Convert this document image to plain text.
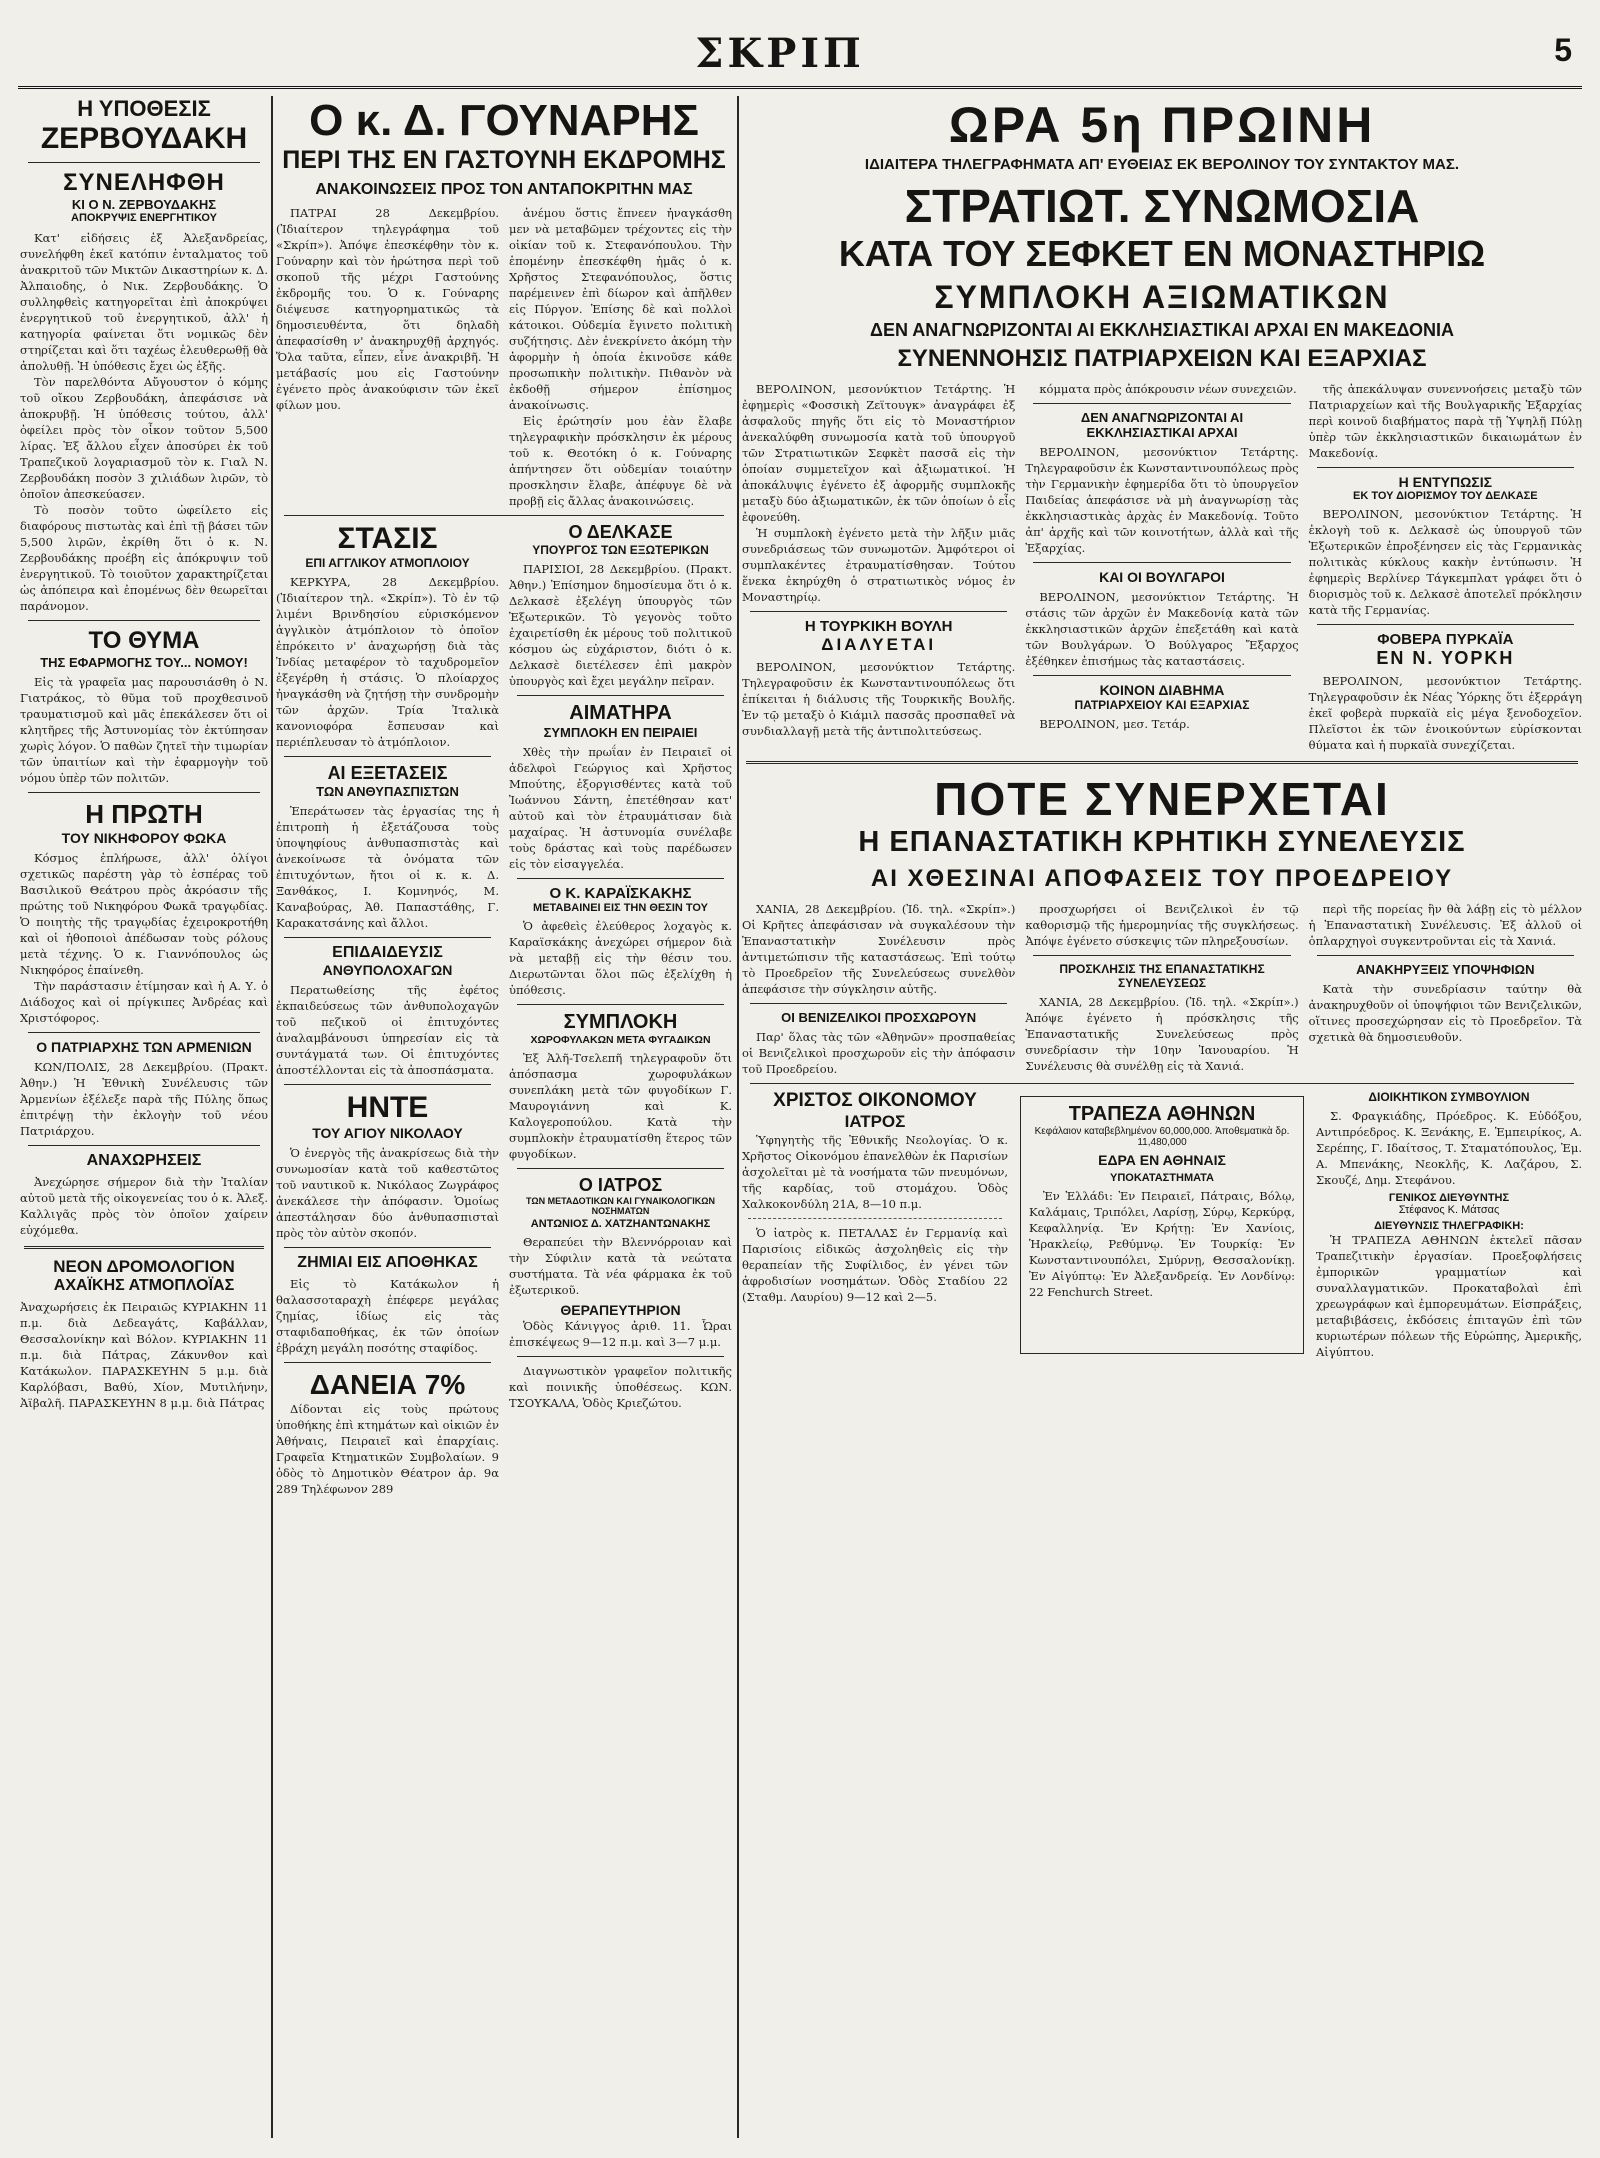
ΣΚΡΙΠ	5
Η ΥΠΟΘΕΣΙΣ
ΖΕΡΒΟΥΔΑΚΗ
ΣΥΝΕΛΗΦΘΗ
ΚΙ Ο Ν. ΖΕΡΒΟΥΔΑΚΗΣ
ΑΠΟΚΡΥΨΙΣ ΕΝΕΡΓΗΤΙΚΟΥ

Κατ' εἰδήσεις ἐξ Ἀλεξανδρείας, συνελήφθη ἐκεῖ κατόπιν ἐνταλματος τοῦ ἀνακριτοῦ τῶν Μικτῶν Δικαστηρίων κ. Δ. Ἀλπαιοδης, ὁ Νικ. Ζερβουδάκης. Ὁ συλληφθεὶς κατηγορεῖται ἐπὶ ἀποκρύψει ἐνεργητικοῦ τοῦ ἐνεργητικοῦ, ἀλλ' ἡ κατηγορία φαίνεται ὅτι νομικῶς δὲν στηρίζεται καὶ ὅτι ταχέως ἐλευθερωθῇ θὰ ἀπολυθῇ. Ἡ ὑπόθεσις ἔχει ὡς ἑξῆς.

Τὸν παρελθόντα Αὔγουστον ὁ κόμης τοῦ οἴκου Ζερβουδάκη, ἀπεφάσισε νὰ ἀποκρυβῇ. Ἡ ὑπόθεσις τούτου, ἀλλ' ὀφείλει πρὸς τὸν οἶκον τοῦτον 5,500 λίρας. Ἐξ ἄλλου εἶχεν ἀποσύρει ἐκ τοῦ Τραπεζικοῦ λογαριασμοῦ τὸν κ. Γιαλ Ν. Ζερβουδάκη ποσὸν 3 χιλιάδων λιρῶν, τὸ ὁποῖον ἀπεσκεύασεν.

Τὸ ποσὸν τοῦτο ὠφείλετο εἰς διαφόρους πιστωτὰς καὶ ἐπὶ τῇ βάσει τῶν 5,500 λιρῶν, ἐκρίθη ὅτι ὁ κ. Ν. Ζερβουδάκης προέβη εἰς ἀπόκρυψιν τοῦ ἐνεργητικοῦ. Τὸ τοιοῦτον χαρακτηρίζεται ὡς ἀπόπειρα καὶ ἐπομένως δὲν θεωρεῖται παράνομον.

ΤΟ ΘΥΜΑ
ΤΗΣ ΕΦΑΡΜΟΓΗΣ ΤΟΥ... ΝΟΜΟΥ!

Εἰς τὰ γραφεῖα μας παρουσιάσθη ὁ Ν. Γιατράκος, τὸ θῦμα τοῦ προχθεσινοῦ τραυματισμοῦ καὶ μᾶς ἐπεκάλεσεν ὅτι οἱ κλητῆρες τῆς Ἀστυνομίας τὸν ἐκτύπησαν χωρὶς λόγον. Ὁ παθὼν ζητεῖ τὴν τιμωρίαν τῶν ὑπαιτίων καὶ τὴν ἐφαρμογὴν τοῦ νόμου ὑπὲρ τῶν πολιτῶν.

Η ΠΡΩΤΗ
ΤΟΥ ΝΙΚΗΦΟΡΟΥ ΦΩΚΑ

Κόσμος ἐπλήρωσε, ἀλλ' ὀλίγοι σχετικῶς παρέστη γὰρ τὸ ἑσπέρας τοῦ Βασιλικοῦ Θεάτρου πρὸς ἀκρόασιν τῆς πρώτης τοῦ Νικηφόρου Φωκᾶ τραγῳδίας. Ὁ ποιητὴς τῆς τραγῳδίας ἐχειροκροτήθη καὶ οἱ ἠθοποιοὶ ἀπέδωσαν τοὺς ρόλους μετὰ τέχνης. Ὁ κ. Γιαννόπουλος ὡς Νικηφόρος ἐπαίνεθη.

Τὴν παράστασιν ἐτίμησαν καὶ ἡ Α. Υ. ὁ Διάδοχος καὶ οἱ πρίγκιπες Ἀνδρέας καὶ Χριστόφορος.

Ο ΠΑΤΡΙΑΡΧΗΣ ΤΩΝ ΑΡΜΕΝΙΩΝ

ΚΩΝ/ΠΟΛΙΣ, 28 Δεκεμβρίου. (Πρακτ. Ἀθην.) Ἡ Ἐθνικὴ Συνέλευσις τῶν Ἀρμενίων ἐξέλεξε παρὰ τῆς Πύλης ὅπως ἐπιτρέψῃ τὴν ἐκλογὴν τοῦ νέου Πατριάρχου.

ΑΝΑΧΩΡΗΣΕΙΣ

Ἀνεχώρησε σήμερον διὰ τὴν Ἰταλίαν αὐτοῦ μετὰ τῆς οἰκογενείας του ὁ κ. Ἀλεξ. Καλλιγᾶς πρὸς τὸν ὁποῖον χαίρειν εὐχόμεθα.

ΝΕΟΝ ΔΡΟΜΟΛΟΓΙΟΝ
ΑΧΑΪΚΗΣ ΑΤΜΟΠΛΟΪΑΣ

Ἀναχωρήσεις ἐκ Πειραιῶς ΚΥΡΙΑΚΗΝ 11 π.μ. διὰ Δεδεαγάτς, Καβάλλαν, Θεσσαλονίκην καὶ Βόλον. ΚΥΡΙΑΚΗΝ 11 π.μ. διὰ Πάτρας, Ζάκυνθον καὶ Κατάκωλον. ΠΑΡΑΣΚΕΥΗΝ 5 μ.μ. διὰ Καρλόβασι, Βαθύ, Χίον, Μυτιλήνην, Ἀϊβαλῆ. ΠΑΡΑΣΚΕΥΗΝ 8 μ.μ. διὰ Πάτρας

Ο κ. Δ. ΓΟΥΝΑΡΗΣ
ΠΕΡΙ ΤΗΣ ΕΝ ΓΑΣΤΟΥΝΗ ΕΚΔΡΟΜΗΣ
ΑΝΑΚΟΙΝΩΣΕΙΣ ΠΡΟΣ ΤΟΝ ΑΝΤΑΠΟΚΡΙΤΗΝ ΜΑΣ

ΠΑΤΡΑΙ 28 Δεκεμβρίου. (Ἰδιαίτερον τηλεγράφημα τοῦ «Σκρίπ»). Ἀπόψε ἐπεσκέφθην τὸν κ. Γούναρην καὶ τὸν ἠρώτησα περὶ τοῦ σκοποῦ τῆς μέχρι Γαστούνης ἐκδρομῆς του. Ὁ κ. Γούναρης διέψευσε κατηγορηματικῶς τὰ δημοσιευθέντα, ὅτι δηλαδὴ ἀπεφασίσθη ν' ἀνακηρυχθῇ ἀρχηγός. Ὅλα ταῦτα, εἶπεν, εἶνε ἀνακριβῆ. Ἡ μετάβασίς μου εἰς Γαστούνην ἐγένετο πρὸς ἀνακούφισιν τῶν ἐκεῖ φίλων μου.

ἀνέμου ὅστις ἔπνεεν ἠναγκάσθη μεν νὰ μεταβῶμεν τρέχοντες εἰς τὴν οἰκίαν τοῦ κ. Στεφανόπουλου. Τὴν ἑπομένην ἐπεσκέφθη ἡμᾶς ὁ κ. Χρῆστος Στεφανόπουλος, ὅστις παρέμεινεν ἐπὶ δίωρον καὶ ἀπῆλθεν εἰς Πύργον. Ἐπίσης δὲ καὶ πολλοὶ κάτοικοι. Οὐδεμία ἔγινετο πολιτικὴ συζήτησις. Δὲν ἐνεκρίνετο ἀκόμη τὴν ἀφορμὴν ἡ ὁποία ἐκινοῦσε κάθε προσωπικὴν πολιτικὴν. Πιθανὸν νὰ ἐκδοθῇ σήμερον ἐπίσημος ἀνακοίνωσις.

Εἰς ἐρώτησίν μου ἐὰν ἔλαβε τηλεγραφικὴν πρόσκλησιν ἐκ μέρους τοῦ κ. Θεοτόκη ὁ κ. Γούναρης ἀπήντησεν ὅτι οὐδεμίαν τοιαύτην προσκλησιν ἔλαβε, ἀπέφυγε δὲ νὰ προβῇ εἰς ἄλλας ἀνακοινώσεις.

ΣΤΑΣΙΣ
ΕΠΙ ΑΓΓΛΙΚΟΥ ΑΤΜΟΠΛΟΙΟΥ

ΚΕΡΚΥΡΑ, 28 Δεκεμβρίου. (Ἰδιαίτερον τηλ. «Σκρίπ»). Τὸ ἐν τῷ λιμένι Βρινδησίου εὑρισκόμενον ἀγγλικὸν ἀτμόπλοιον τὸ ὁποῖον ἐπρόκειτο ν' ἀναχωρήσῃ διὰ τὰς Ἰνδίας μεταφέρον τὸ ταχυδρομεῖον ἐξεγέρθη ἡ στάσις. Ὁ πλοίαρχος ἠναγκάσθη νὰ ζητήσῃ τὴν συνδρομὴν τῶν ἀρχῶν. Τρία Ἰταλικὰ κανονιοφόρα ἔσπευσαν καὶ περιέπλευσαν τὸ ἀτμόπλοιον.

ΑΙ ΕΞΕΤΑΣΕΙΣ
ΤΩΝ ΑΝΘΥΠΑΣΠΙΣΤΩΝ

Ἐπεράτωσεν τὰς ἐργασίας της ἡ ἐπιτροπὴ ἡ ἐξετάζουσα τοὺς ὑποψηφίους ἀνθυπασπιστὰς καὶ ἀνεκοίνωσε τὰ ὀνόματα τῶν ἐπιτυχόντων, ἤτοι οἱ κ. κ. Δ. Ξανθάκος, Ι. Κομνηνός, Μ. Καναβούρας, Ἀθ. Παπαστάθης, Γ. Καρακατσάνης καὶ ἄλλοι.

ΕΠΙΔΑΙΔΕΥΣΙΣ
ΑΝΘΥΠΟΛΟΧΑΓΩΝ

Περατωθείσης τῆς ἐφέτος ἐκπαιδεύσεως τῶν ἀνθυπολοχαγῶν τοῦ πεζικοῦ οἱ ἐπιτυχόντες ἀναλαμβάνουσι ὑπηρεσίαν εἰς τὰ συντάγματά των. Οἱ ἐπιτυχόντες ἀποστέλλονται εἰς τὰ ἀποσπάσματα.

ΗΝΤΕ
ΤΟΥ ΑΓΙΟΥ ΝΙΚΟΛΑΟΥ

Ὁ ἐνεργὸς τῆς ἀνακρίσεως διὰ τὴν συνωμοσίαν κατὰ τοῦ καθεστῶτος τοῦ ναυτικοῦ κ. Νικόλαος Ζωγράφος ἀνεκάλεσε τὴν ἀπόφασιν. Ὁμοίως ἀπεστάλησαν δύο ἀνθυπασπισταὶ πρὸς τὸν αὐτὸν σκοπόν.

ΖΗΜΙΑΙ ΕΙΣ ΑΠΟΘΗΚΑΣ

Εἰς τὸ Κατάκωλον ἡ θαλασσοταραχὴ ἐπέφερε μεγάλας ζημίας, ἰδίως εἰς τὰς σταφιδαποθήκας, ἐκ τῶν ὁποίων ἐβράχη μεγάλη ποσότης σταφίδος.

ΔΑΝΕΙΑ 7%

Δίδονται εἰς τοὺς πρώτους ὑποθήκης ἐπὶ κτημάτων καὶ οἰκιῶν ἐν Ἀθήναις, Πειραιεῖ καὶ ἐπαρχίαις. Γραφεῖα Κτηματικῶν Συμβολαίων. 9 ὁδὸς τὸ Δημοτικὸν Θέατρον ἀρ. 9α 289 Τηλέφωνον 289

Ο ΔΕΛΚΑΣΕ
ΥΠΟΥΡΓΟΣ ΤΩΝ ΕΞΩΤΕΡΙΚΩΝ

ΠΑΡΙΣΙΟΙ, 28 Δεκεμβρίου. (Πρακτ. Ἀθην.) Ἐπίσημον δημοσίευμα ὅτι ὁ κ. Δελκασὲ ἐξελέγη ὑπουργὸς τῶν Ἐξωτερικῶν. Τὸ γεγονὸς τοῦτο ἐχαιρετίσθη ἐκ μέρους τοῦ πολιτικοῦ κόσμου ὡς εὐχάριστον, διότι ὁ κ. Δελκασὲ διετέλεσεν ἐπὶ μακρὸν ὑπουργὸς καὶ ἔχει μεγάλην πεῖραν.

ΑΙΜΑΤΗΡΑ
ΣΥΜΠΛΟΚΗ ΕΝ ΠΕΙΡΑΙΕΙ

Χθὲς τὴν πρωΐαν ἐν Πειραιεῖ οἱ ἀδελφοὶ Γεώργιος καὶ Χρῆστος Μπούτης, ἐξοργισθέντες κατὰ τοῦ Ἰωάννου Σάντη, ἐπετέθησαν κατ' αὐτοῦ καὶ τὸν ἐτραυμάτισαν διὰ μαχαίρας. Ἡ ἀστυνομία συνέλαβε τοὺς δράστας καὶ τοὺς παρέδωσεν εἰς τὸν εἰσαγγελέα.

Ο Κ. ΚΑΡΑΪΣΚΑΚΗΣ
ΜΕΤΑΒΑΙΝΕΙ ΕΙΣ ΤΗΝ ΘΕΣΙΝ ΤΟΥ

Ὁ ἀφεθεὶς ἐλεύθερος λοχαγὸς κ. Καραϊσκάκης ἀνεχώρει σήμερον διὰ νὰ μεταβῇ εἰς τὴν θέσιν του. Διερωτῶνται ὅλοι πῶς ἐξελίχθη ἡ ὑπόθεσις.

ΣΥΜΠΛΟΚΗ
ΧΩΡΟΦΥΛΑΚΩΝ ΜΕΤΑ ΦΥΓΑΔΙΚΩΝ

Ἐξ Ἀλῆ-Τσελεπῆ τηλεγραφοῦν ὅτι ἀπόσπασμα χωροφυλάκων συνεπλάκη μετὰ τῶν φυγοδίκων Γ. Μαυρογιάννη καὶ Κ. Καλογεροπούλου. Κατὰ τὴν συμπλοκὴν ἐτραυματίσθη ἕτερος τῶν φυγοδίκων.

Ο ΙΑΤΡΟΣ
ΤΩΝ ΜΕΤΑΔΟΤΙΚΩΝ ΚΑΙ ΓΥΝΑΙΚΟΛΟΓΙΚΩΝ ΝΟΣΗΜΑΤΩΝ
ΑΝΤΩΝΙΟΣ Δ. ΧΑΤΖΗΑΝΤΩΝΑΚΗΣ

Θεραπεύει τὴν Βλεννόρροιαν καὶ τὴν Σύφιλιν κατὰ τὰ νεώτατα συστήματα. Τὰ νέα φάρμακα ἐκ τοῦ ἐξωτερικοῦ.

ΘΕΡΑΠΕΥΤΗΡΙΟΝ

Ὁδὸς Κάνιγγος ἀριθ. 11. Ὧραι ἐπισκέψεως 9—12 π.μ. καὶ 3—7 μ.μ.

Διαγνωστικὸν γραφεῖον πολιτικῆς καὶ ποινικῆς ὑποθέσεως. ΚΩΝ. ΤΣΟΥΚΑΛΑ, Ὁδὸς Κριεζώτου.

ΩΡΑ 5η ΠΡΩΙΝΗ
ΙΔΙΑΙΤΕΡΑ ΤΗΛΕΓΡΑΦΗΜΑΤΑ ΑΠ' ΕΥΘΕΙΑΣ ΕΚ ΒΕΡΟΛΙΝΟΥ ΤΟΥ ΣΥΝΤΑΚΤΟΥ ΜΑΣ.
ΣΤΡΑΤΙΩΤ. ΣΥΝΩΜΟΣΙΑ
ΚΑΤΑ ΤΟΥ ΣΕΦΚΕΤ ΕΝ ΜΟΝΑΣΤΗΡΙΩ
ΣΥΜΠΛΟΚΗ ΑΞΙΩΜΑΤΙΚΩΝ
ΔΕΝ ΑΝΑΓΝΩΡΙΖΟΝΤΑΙ ΑΙ ΕΚΚΛΗΣΙΑΣΤΙΚΑΙ ΑΡΧΑΙ ΕΝ ΜΑΚΕΔΟΝΙΑ
ΣΥΝΕΝΝΟΗΣΙΣ ΠΑΤΡΙΑΡΧΕΙΩΝ ΚΑΙ ΕΞΑΡΧΙΑΣ

ΒΕΡΟΛΙΝΟΝ, μεσονύκτιον Τετάρτης. Ἡ ἐφημερὶς «Φοσσικὴ Ζεϊτουγκ» ἀναγράφει ἐξ ἀσφαλοῦς πηγῆς ὅτι εἰς τὸ Μοναστήριον ἀνεκαλύφθη συνωμοσία κατὰ τοῦ ὑπουργοῦ τῶν Στρατιωτικῶν Σεφκὲτ πασσᾶ εἰς τὴν ὁποίαν συμμετεῖχον καὶ ἀξιωματικοί. Ἡ ἀποκάλυψις ἐγένετο ἐξ ἀφορμῆς συμπλοκῆς μεταξὺ δύο ἀξιωματικῶν, ἐκ τῶν ὁποίων ὁ εἷς ἐφονεύθη.

Ἡ συμπλοκὴ ἐγένετο μετὰ τὴν λῆξιν μιᾶς συνεδριάσεως τῶν συνωμοτῶν. Ἀμφότεροι οἱ συμπλακέντες ἐτραυματίσθησαν. Τούτου ἕνεκα ἐκηρύχθη ὁ στρατιωτικὸς νόμος ἐν Μοναστηρίῳ.

Η ΤΟΥΡΚΙΚΗ ΒΟΥΛΗ
ΔΙΑΛΥΕΤΑΙ

ΒΕΡΟΛΙΝΟΝ, μεσονύκτιον Τετάρτης. Τηλεγραφοῦσιν ἐκ Κωνσταντινουπόλεως ὅτι ἐπίκειται ἡ διάλυσις τῆς Τουρκικῆς Βουλῆς. Ἐν τῷ μεταξὺ ὁ Κιάμιλ πασσᾶς προσπαθεῖ νὰ συνδιαλλαγῇ μετὰ τῆς ἀντιπολιτεύσεως.

κόμματα πρὸς ἀπόκρουσιν νέων συνεχειῶν.

ΔΕΝ ΑΝΑΓΝΩΡΙΖΟΝΤΑΙ ΑΙ ΕΚΚΛΗΣΙΑΣΤΙΚΑΙ ΑΡΧΑΙ

ΒΕΡΟΛΙΝΟΝ, μεσονύκτιον Τετάρτης. Τηλεγραφοῦσιν ἐκ Κωνσταντινουπόλεως πρὸς τὴν Γερμανικὴν ἐφημερίδα ὅτι τὸ ὑπουργεῖον Παιδείας ἀπεφάσισε νὰ μὴ ἀναγνωρίσῃ τὰς ἐκκλησιαστικὰς ἀρχὰς ἐν Μακεδονίᾳ. Τοῦτο ἀπ' ἀρχῆς καὶ τῶν κοινοτήτων, ἀλλὰ καὶ τῆς Ἐξαρχίας.

ΚΑΙ ΟΙ ΒΟΥΛΓΑΡΟΙ

ΒΕΡΟΛΙΝΟΝ, μεσονύκτιον Τετάρτης. Ἡ στάσις τῶν ἀρχῶν ἐν Μακεδονίᾳ κατὰ τῶν ἐκκλησιαστικῶν ἀρχῶν ἐπεξετάθη καὶ κατὰ τῶν Βουλγάρων. Ὁ Βούλγαρος Ἔξαρχος ἐξέθηκεν ἐπισήμως τὰς καταστάσεις.

ΚΟΙΝΟΝ ΔΙΑΒΗΜΑ
ΠΑΤΡΙΑΡΧΕΙΟΥ ΚΑΙ ΕΞΑΡΧΙΑΣ

ΒΕΡΟΛΙΝΟΝ, μεσ. Τετάρ.

τῆς ἀπεκάλυψαν συνεννοήσεις μεταξὺ τῶν Πατριαρχείων καὶ τῆς Βουλγαρικῆς Ἐξαρχίας περὶ κοινοῦ διαβήματος παρὰ τῇ Ὑψηλῇ Πύλῃ ὑπὲρ τῶν ἐκκλησιαστικῶν δικαιωμάτων ἐν Μακεδονίᾳ.

Η ΕΝΤΥΠΩΣΙΣ
ΕΚ ΤΟΥ ΔΙΟΡΙΣΜΟΥ ΤΟΥ ΔΕΛΚΑΣΕ

ΒΕΡΟΛΙΝΟΝ, μεσονύκτιον Τετάρτης. Ἡ ἐκλογὴ τοῦ κ. Δελκασὲ ὡς ὑπουργοῦ τῶν Ἐξωτερικῶν ἐπροξένησεν εἰς τὰς Γερμανικὰς πολιτικὰς κύκλους κακὴν ἐντύπωσιν. Ἡ ἐφημερὶς Βερλίνερ Τάγκεμπλατ γράφει ὅτι ὁ διορισμὸς τοῦ κ. Δελκασὲ ἀποτελεῖ πρόκλησιν κατὰ τῆς Γερμανίας.

ΦΟΒΕΡΑ ΠΥΡΚΑΪΑ
ΕΝ Ν. ΥΟΡΚΗ

ΒΕΡΟΛΙΝΟΝ, μεσονύκτιον Τετάρτης. Τηλεγραφοῦσιν ἐκ Νέας Ὑόρκης ὅτι ἐξερράγη ἐκεῖ φοβερὰ πυρκαϊὰ εἰς μέγα ξενοδοχεῖον. Πλεῖστοι ἐκ τῶν ἐνοικούντων εὑρίσκονται θύματα καὶ ἡ πυρκαϊὰ συνεχίζεται.

ΠΟΤΕ ΣΥΝΕΡΧΕΤΑΙ
Η ΕΠΑΝΑΣΤΑΤΙΚΗ ΚΡΗΤΙΚΗ ΣΥΝΕΛΕΥΣΙΣ
ΑΙ ΧΘΕΣΙΝΑΙ ΑΠΟΦΑΣΕΙΣ ΤΟΥ ΠΡΟΕΔΡΕΙΟΥ

ΧΑΝΙΑ, 28 Δεκεμβρίου. (Ἰδ. τηλ. «Σκρίπ».) Οἱ Κρῆτες ἀπεφάσισαν νὰ συγκαλέσουν τὴν Ἐπαναστατικὴν Συνέλευσιν πρὸς ἀντιμετώπισιν τῆς καταστάσεως. Ἐπὶ τούτῳ τὸ Προεδρεῖον τῆς Συνελεύσεως συνελθὸν ἀπεφάσισε τὴν σύγκλησιν αὐτῆς.

ΟΙ ΒΕΝΙΖΕΛΙΚΟΙ ΠΡΟΣΧΩΡΟΥΝ

Παρ' ὅλας τὰς τῶν «Ἀθηνῶν» προσπαθείας οἱ Βενιζελικοὶ προσχωροῦν εἰς τὴν ἀπόφασιν τοῦ Προεδρείου.

προσχωρήσει οἱ Βενιζελικοὶ ἐν τῷ καθορισμῷ τῆς ἡμερομηνίας τῆς συγκλήσεως. Ἀπόψε ἐγένετο σύσκεψις τῶν πληρεξουσίων.

ΠΡΟΣΚΛΗΣΙΣ ΤΗΣ ΕΠΑΝΑΣΤΑΤΙΚΗΣ ΣΥΝΕΛΕΥΣΕΩΣ

ΧΑΝΙΑ, 28 Δεκεμβρίου. (Ἰδ. τηλ. «Σκρίπ».) Ἀπόψε ἐγένετο ἡ πρόσκλησις τῆς Ἐπαναστατικῆς Συνελεύσεως πρὸς συνεδρίασιν τὴν 10ην Ἰανουαρίου. Ἡ Συνέλευσις θὰ συνέλθῃ εἰς τὰ Χανιά.

περὶ τῆς πορείας ἣν θὰ λάβῃ εἰς τὸ μέλλον ἡ Ἐπαναστατικὴ Συνέλευσις. Ἐξ ἀλλοῦ οἱ ὁπλαρχηγοὶ συγκεντροῦνται εἰς τὰ Χανιά.

ΑΝΑΚΗΡΥΞΕΙΣ ΥΠΟΨΗΦΙΩΝ

Κατὰ τὴν συνεδρίασιν ταύτην θὰ ἀνακηρυχθοῦν οἱ ὑποψήφιοι τῶν Βενιζελικῶν, οἵτινες προσεχώρησαν εἰς τὸ Προεδρεῖον. Τὰ σχετικὰ θὰ δημοσιευθοῦν.

ΧΡΙΣΤΟΣ ΟΙΚΟΝΟΜΟΥ
ΙΑΤΡΟΣ

Ὑφηγητὴς τῆς Ἐθνικῆς Νεολογίας. Ὁ κ. Χρῆστος Οἰκονόμου ἐπανελθὼν ἐκ Παρισίων ἀσχολεῖται μὲ τὰ νοσήματα τῶν πνευμόνων, τῆς καρδίας, τοῦ στομάχου. Ὁδὸς Χαλκοκονδύλη 21Α, 8—10 π.μ.

Ὁ ἰατρὸς κ. ΠΕΤΑΛΑΣ ἐν Γερμανίᾳ καὶ Παρισίοις εἰδικῶς ἀσχοληθεὶς εἰς τὴν θεραπείαν τῆς Συφίλιδος, ἐν γένει τῶν ἀφροδισίων νοσημάτων. Ὁδὸς Σταδίου 22 (Σταθμ. Λαυρίου) 9—12 καὶ 2—5.

ΤΡΑΠΕΖΑ ΑΘΗΝΩΝ
Κεφάλαιον καταβεβλημένον 60,000,000. Ἀποθεματικὰ δρ. 11,480,000
ΕΔΡΑ ΕΝ ΑΘΗΝΑΙΣ
ΥΠΟΚΑΤΑΣΤΗΜΑΤΑ

Ἐν Ἑλλάδι: Ἐν Πειραιεῖ, Πάτραις, Βόλῳ, Καλάμαις, Τριπόλει, Λαρίσῃ, Σύρῳ, Κερκύρᾳ, Κεφαλληνίᾳ. Ἐν Κρήτῃ: Ἐν Χανίοις, Ἡρακλείῳ, Ρεθύμνῳ. Ἐν Τουρκίᾳ: Ἐν Κωνσταντινουπόλει, Σμύρνῃ, Θεσσαλονίκῃ. Ἐν Αἰγύπτῳ: Ἐν Ἀλεξανδρείᾳ. Ἐν Λονδίνῳ: 22 Fenchurch Street.

ΔΙΟΙΚΗΤΙΚΟΝ ΣΥΜΒΟΥΛΙΟΝ

Σ. Φραγκιάδης, Πρόεδρος. Κ. Εὐδόξου, Αντιπρόεδρος. Κ. Ξενάκης, Ε. Ἐμπειρίκος, Α. Σερέπης, Γ. Ιδαίτσος, Τ. Σταματόπουλος, Ἐμ. Α. Μπενάκης, Νεοκλῆς, Κ. Λαζάρου, Σ. Σκουζέ, Δημ. Στεφάνου.

ΓΕΝΙΚΟΣ ΔΙΕΥΘΥΝΤΗΣ
Στέφανος Κ. Μάτσας
ΔΙΕΥΘΥΝΣΙΣ ΤΗΛΕΓΡΑΦΙΚΗ:

Ἡ ΤΡΑΠΕΖΑ ΑΘΗΝΩΝ ἐκτελεῖ πᾶσαν Τραπεζιτικὴν ἐργασίαν. Προεξοφλήσεις ἐμπορικῶν γραμματίων καὶ συναλλαγματικῶν. Προκαταβολαὶ ἐπὶ χρεωγράφων καὶ ἐμπορευμάτων. Εἰσπράξεις, μεταβιβάσεις, ἐκδόσεις ἐπιταγῶν ἐπὶ τῶν κυριωτέρων πόλεων τῆς Εὐρώπης, Ἀμερικῆς, Αἰγύπτου.
